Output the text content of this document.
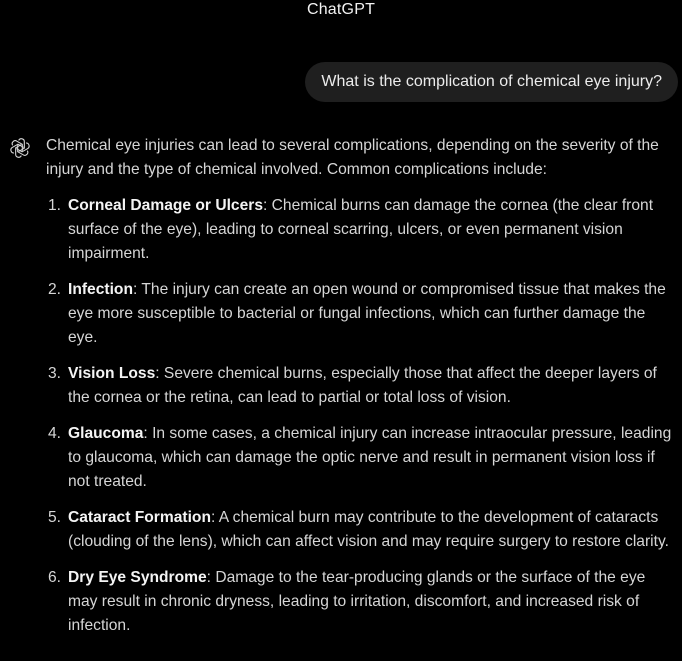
ChatGPT
What is the complication of chemical eye injury?

Chemical eye injuries can lead to several complications, depending on the severity of the injury and the type of chemical involved. Common complications include:

1. Corneal Damage or Ulcers: Chemical burns can damage the cornea (the clear front surface of the eye), leading to corneal scarring, ulcers, or even permanent vision impairment.
2. Infection: The injury can create an open wound or compromised tissue that makes the eye more susceptible to bacterial or fungal infections, which can further damage the eye.
3. Vision Loss: Severe chemical burns, especially those that affect the deeper layers of the cornea or the retina, can lead to partial or total loss of vision.
4. Glaucoma: In some cases, a chemical injury can increase intraocular pressure, leading to glaucoma, which can damage the optic nerve and result in permanent vision loss if not treated.
5. Cataract Formation: A chemical burn may contribute to the development of cataracts (clouding of the lens), which can affect vision and may require surgery to restore clarity.
6. Dry Eye Syndrome: Damage to the tear-producing glands or the surface of the eye may result in chronic dryness, leading to irritation, discomfort, and increased risk of infection.
